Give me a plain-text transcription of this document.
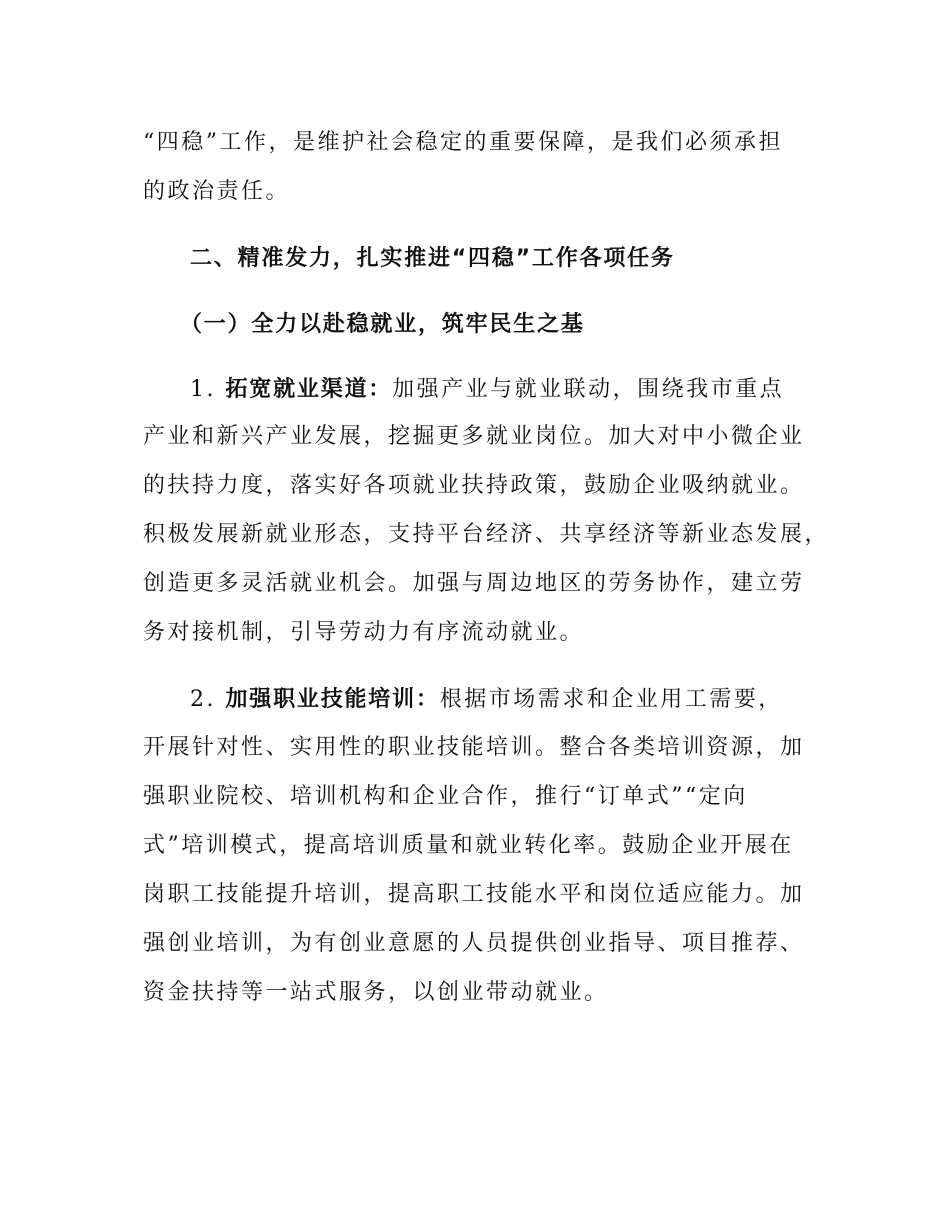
“四稳”工作，是维护社会稳定的重要保障，是我们必须承担
的政治责任。
二、精准发力，扎实推进“四稳”工作各项任务
（一）全力以赴稳就业，筑牢民生之基
1. 拓宽就业渠道：加强产业与就业联动，围绕我市重点
产业和新兴产业发展，挖掘更多就业岗位。加大对中小微企业
的扶持力度，落实好各项就业扶持政策，鼓励企业吸纳就业。
积极发展新就业形态，支持平台经济、共享经济等新业态发展，
创造更多灵活就业机会。加强与周边地区的劳务协作，建立劳
务对接机制，引导劳动力有序流动就业。
2. 加强职业技能培训：根据市场需求和企业用工需要，
开展针对性、实用性的职业技能培训。整合各类培训资源，加
强职业院校、培训机构和企业合作，推行“订单式”“定向
式”培训模式，提高培训质量和就业转化率。鼓励企业开展在
岗职工技能提升培训，提高职工技能水平和岗位适应能力。加
强创业培训，为有创业意愿的人员提供创业指导、项目推荐、
资金扶持等一站式服务，以创业带动就业。
